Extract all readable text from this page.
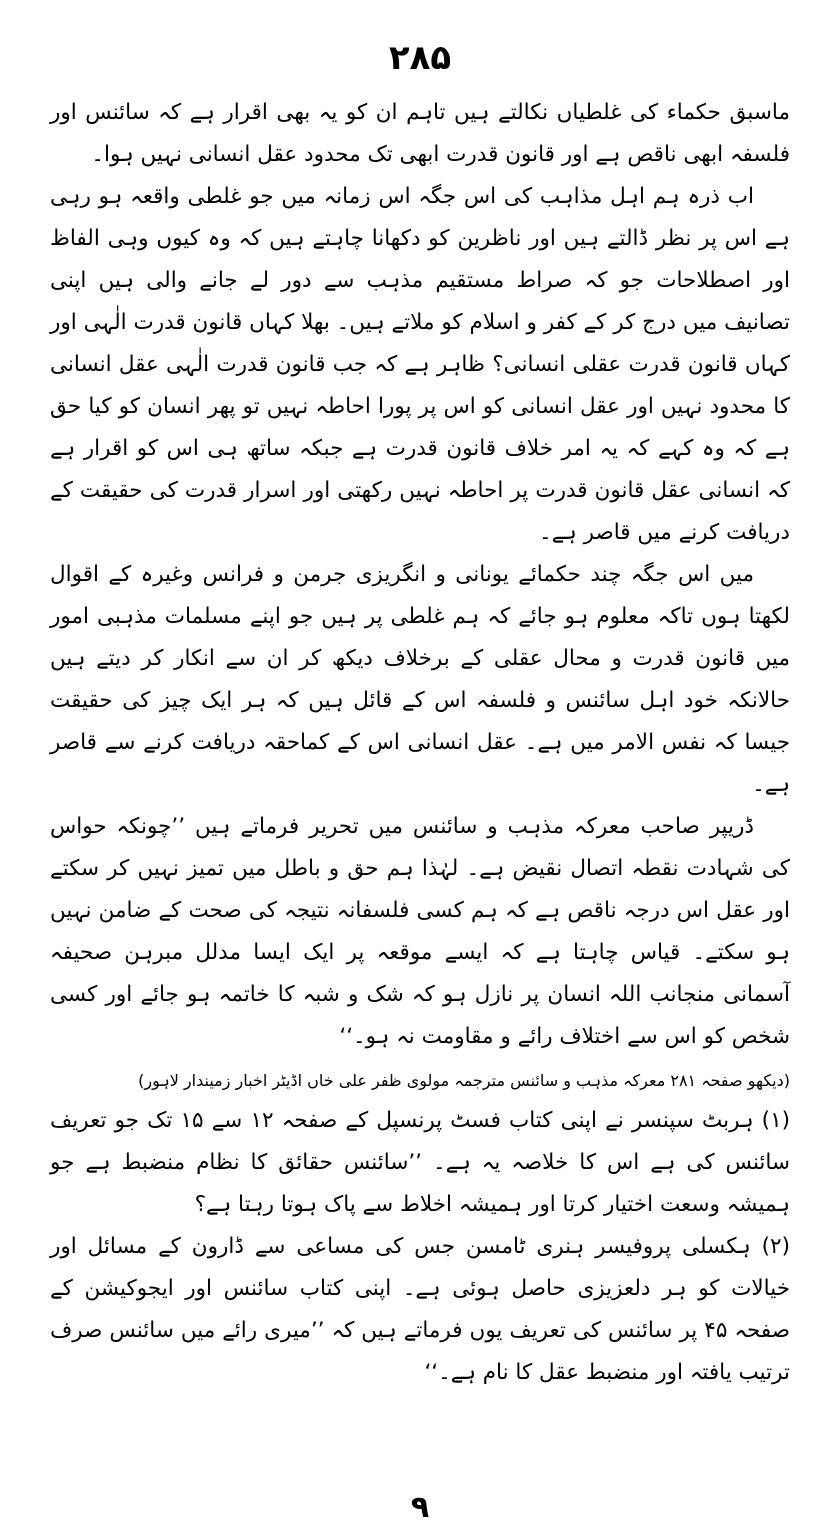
۲۸۵

ماسبق حکماء کی غلطیاں نکالتے ہیں تاہم ان کو یہ بھی اقرار ہے کہ سائنس اور فلسفہ ابھی ناقص ہے اور قانون قدرت ابھی تک محدود عقل انسانی نہیں ہوا۔

اب ذرہ ہم اہل مذاہب کی اس جگہ اس زمانہ میں جو غلطی واقعہ ہو رہی ہے اس پر نظر ڈالتے ہیں اور ناظرین کو دکھانا چاہتے ہیں کہ وہ کیوں وہی الفاظ اور اصطلاحات جو کہ صراط مستقیم مذہب سے دور لے جانے والی ہیں اپنی تصانیف میں درج کر کے کفر و اسلام کو ملاتے ہیں۔ بھلا کہاں قانون قدرت الٰہی اور کہاں قانون قدرت عقلی انسانی؟ ظاہر ہے کہ جب قانون قدرت الٰہی عقل انسانی کا محدود نہیں اور عقل انسانی کو اس پر پورا احاطہ نہیں تو پھر انسان کو کیا حق ہے کہ وہ کہے کہ یہ امر خلاف قانون قدرت ہے جبکہ ساتھ ہی اس کو اقرار ہے کہ انسانی عقل قانون قدرت پر احاطہ نہیں رکھتی اور اسرار قدرت کی حقیقت کے دریافت کرنے میں قاصر ہے۔

میں اس جگہ چند حکمائے یونانی و انگریزی جرمن و فرانس وغیرہ کے اقوال لکھتا ہوں تاکہ معلوم ہو جائے کہ ہم غلطی پر ہیں جو اپنے مسلمات مذہبی امور میں قانون قدرت و محال عقلی کے برخلاف دیکھ کر ان سے انکار کر دیتے ہیں حالانکہ خود اہل سائنس و فلسفہ اس کے قائل ہیں کہ ہر ایک چیز کی حقیقت جیسا کہ نفس الامر میں ہے۔ عقل انسانی اس کے کماحقہ دریافت کرنے سے قاصر ہے۔

ڈریپر صاحب معرکہ مذہب و سائنس میں تحریر فرماتے ہیں ’’چونکہ حواس کی شہادت نقطہ اتصال نقیض ہے۔ لہٰذا ہم حق و باطل میں تمیز نہیں کر سکتے اور عقل اس درجہ ناقص ہے کہ ہم کسی فلسفانہ نتیجہ کی صحت کے ضامن نہیں ہو سکتے۔ قیاس چاہتا ہے کہ ایسے موقعہ پر ایک ایسا مدلل مبرہن صحیفہ آسمانی منجانب اللہ انسان پر نازل ہو کہ شک و شبہ کا خاتمہ ہو جائے اور کسی شخص کو اس سے اختلاف رائے و مقاومت نہ ہو۔‘‘

(دیکھو صفحہ ۲۸۱ معرکہ مذہب و سائنس مترجمہ مولوی ظفر علی خاں اڈیٹر اخبار زمیندار لاہور)

(۱) ہربٹ سپنسر نے اپنی کتاب فسٹ پرنسپل کے صفحہ ۱۲ سے ۱۵ تک جو تعریف سائنس کی ہے اس کا خلاصہ یہ ہے۔ ’’سائنس حقائق کا نظام منضبط ہے جو ہمیشہ وسعت اختیار کرتا اور ہمیشہ اخلاط سے پاک ہوتا رہتا ہے؟

(۲) ہکسلی پروفیسر ہنری ٹامسن جس کی مساعی سے ڈارون کے مسائل اور خیالات کو ہر دلعزیزی حاصل ہوئی ہے۔ اپنی کتاب سائنس اور ایجوکیشن کے صفحہ ۴۵ پر سائنس کی تعریف یوں فرماتے ہیں کہ ’’میری رائے میں سائنس صرف ترتیب یافتہ اور منضبط عقل کا نام ہے۔‘‘

۹
